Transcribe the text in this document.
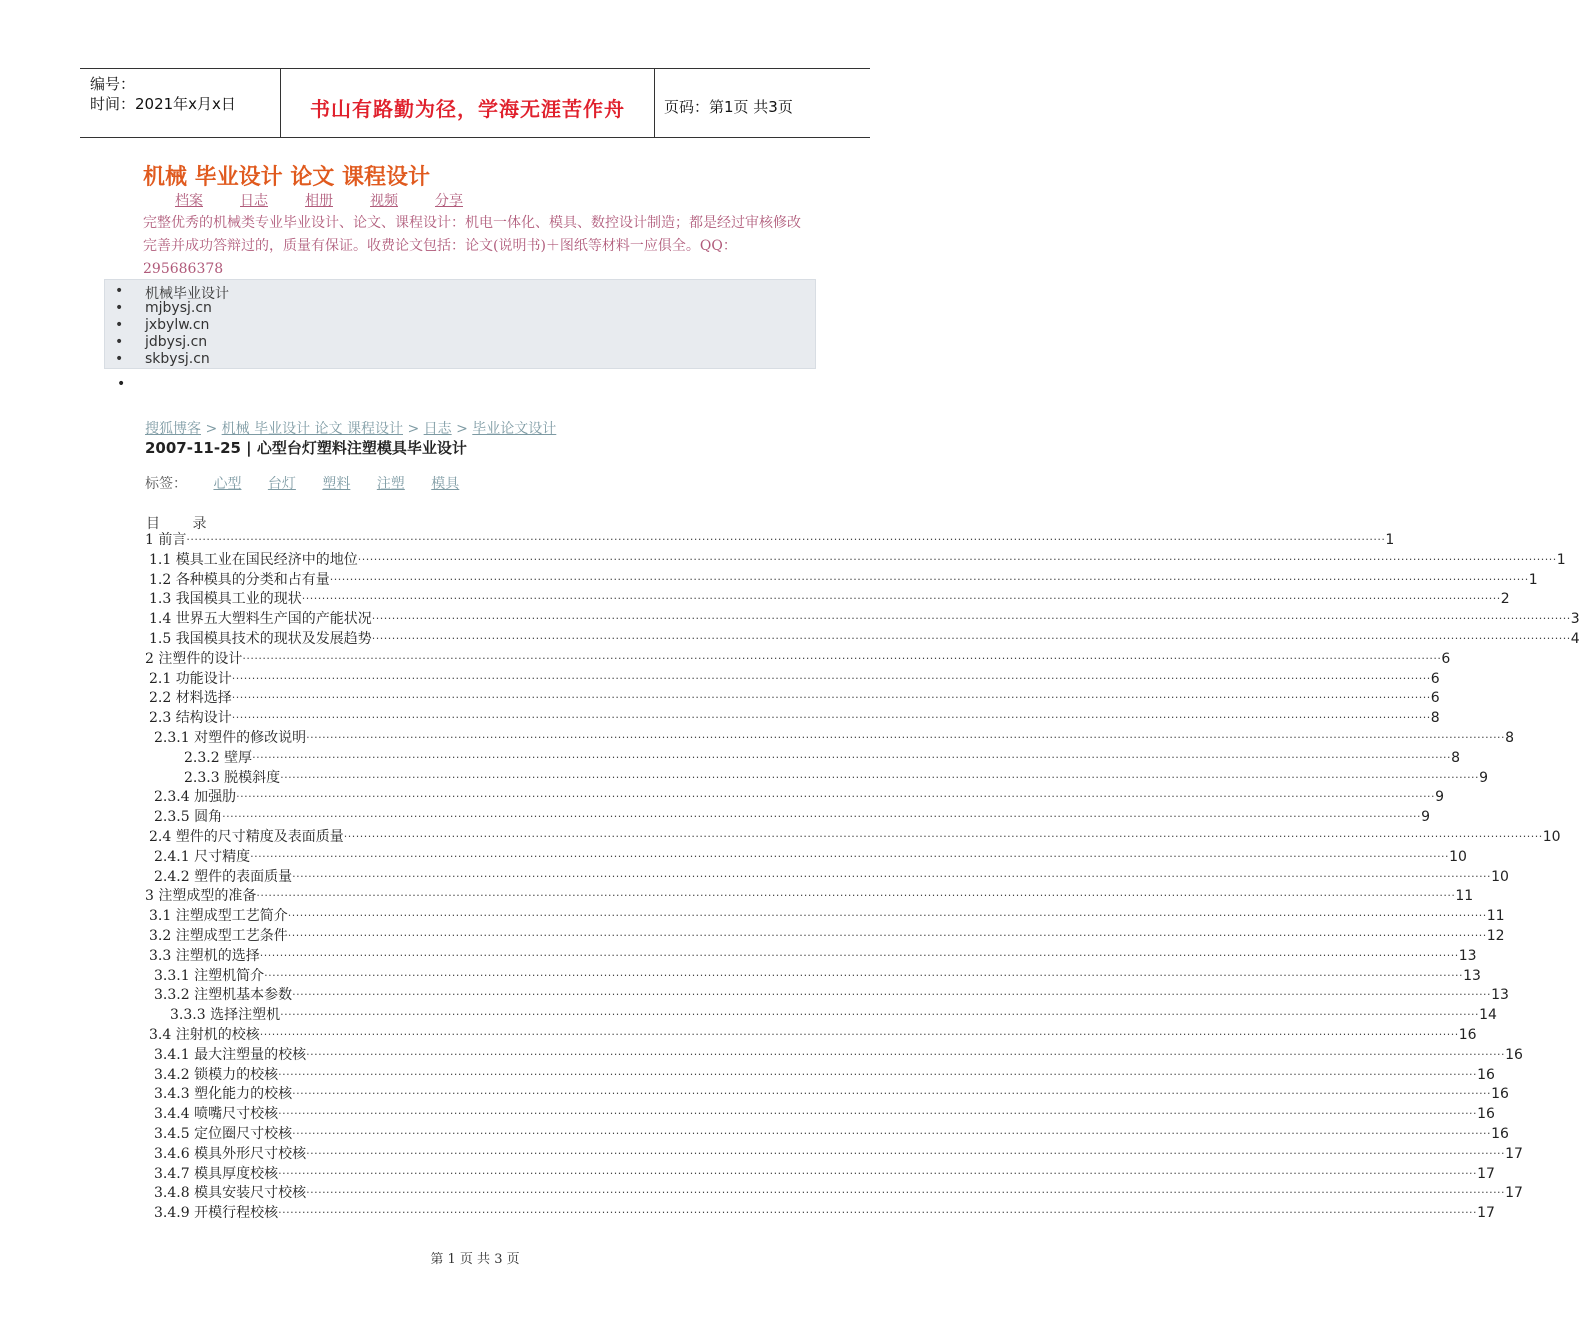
编号：
时间：2021年x月x日	书山有路勤为径，学海无涯苦作舟	页码：第1页 共3页
机械 毕业设计 论文 课程设计
档案	日志	相册	视频	分享
完整优秀的机械类专业毕业设计、论文、课程设计：机电一体化、模具、数控设计制造；都是经过审核修改完善并成功答辩过的，质量有保证。收费论文包括：论文(说明书)＋图纸等材料一应俱全。QQ：295686378
• 机械毕业设计
• mjbysj.cn
• jxbylw.cn
• jdbysj.cn
• skbysj.cn
•
搜狐博客 > 机械 毕业设计 论文 课程设计 > 日志 > 毕业论文设计
2007-11-25 | 心型台灯塑料注塑模具毕业设计
标签： 心型 台灯 塑料 注塑 模具
目 录
1 前言 ············································································································································································································································································································ 1
1.1 模具工业在国民经济中的地位 ············································································································································································································································································································ 1
1.2 各种模具的分类和占有量 ············································································································································································································································································································ 1
1.3 我国模具工业的现状 ············································································································································································································································································································ 2
1.4 世界五大塑料生产国的产能状况 ············································································································································································································································································································ 3
1.5 我国模具技术的现状及发展趋势 ············································································································································································································································································································ 4
2 注塑件的设计 ············································································································································································································································································································ 6
2.1 功能设计 ············································································································································································································································································································ 6
2.2 材料选择 ············································································································································································································································································································ 6
2.3 结构设计 ············································································································································································································································································································ 8
2.3.1 对塑件的修改说明 ············································································································································································································································································································ 8
2.3.2 壁厚 ············································································································································································································································································································ 8
2.3.3 脱模斜度 ············································································································································································································································································································ 9
2.3.4 加强肋 ············································································································································································································································································································ 9
2.3.5 圆角 ············································································································································································································································································································ 9
2.4 塑件的尺寸精度及表面质量 ············································································································································································································································································································ 10
2.4.1 尺寸精度 ············································································································································································································································································································ 10
2.4.2 塑件的表面质量 ············································································································································································································································································································ 10
3 注塑成型的准备 ············································································································································································································································································································ 11
3.1 注塑成型工艺简介 ············································································································································································································································································································ 11
3.2 注塑成型工艺条件 ············································································································································································································································································································ 12
3.3 注塑机的选择 ············································································································································································································································································································ 13
3.3.1 注塑机简介 ············································································································································································································································································································ 13
3.3.2 注塑机基本参数 ············································································································································································································································································································ 13
3.3.3 选择注塑机 ············································································································································································································································································································ 14
3.4 注射机的校核 ············································································································································································································································································································ 16
3.4.1 最大注塑量的校核 ············································································································································································································································································································ 16
3.4.2 锁模力的校核 ············································································································································································································································································································ 16
3.4.3 塑化能力的校核 ············································································································································································································································································································ 16
3.4.4 喷嘴尺寸校核 ············································································································································································································································································································ 16
3.4.5 定位圈尺寸校核 ············································································································································································································································································································ 16
3.4.6 模具外形尺寸校核 ············································································································································································································································································································ 17
3.4.7 模具厚度校核 ············································································································································································································································································································ 17
3.4.8 模具安装尺寸校核 ············································································································································································································································································································ 17
3.4.9 开模行程校核 ············································································································································································································································································································ 17
第 1 页 共 3 页
